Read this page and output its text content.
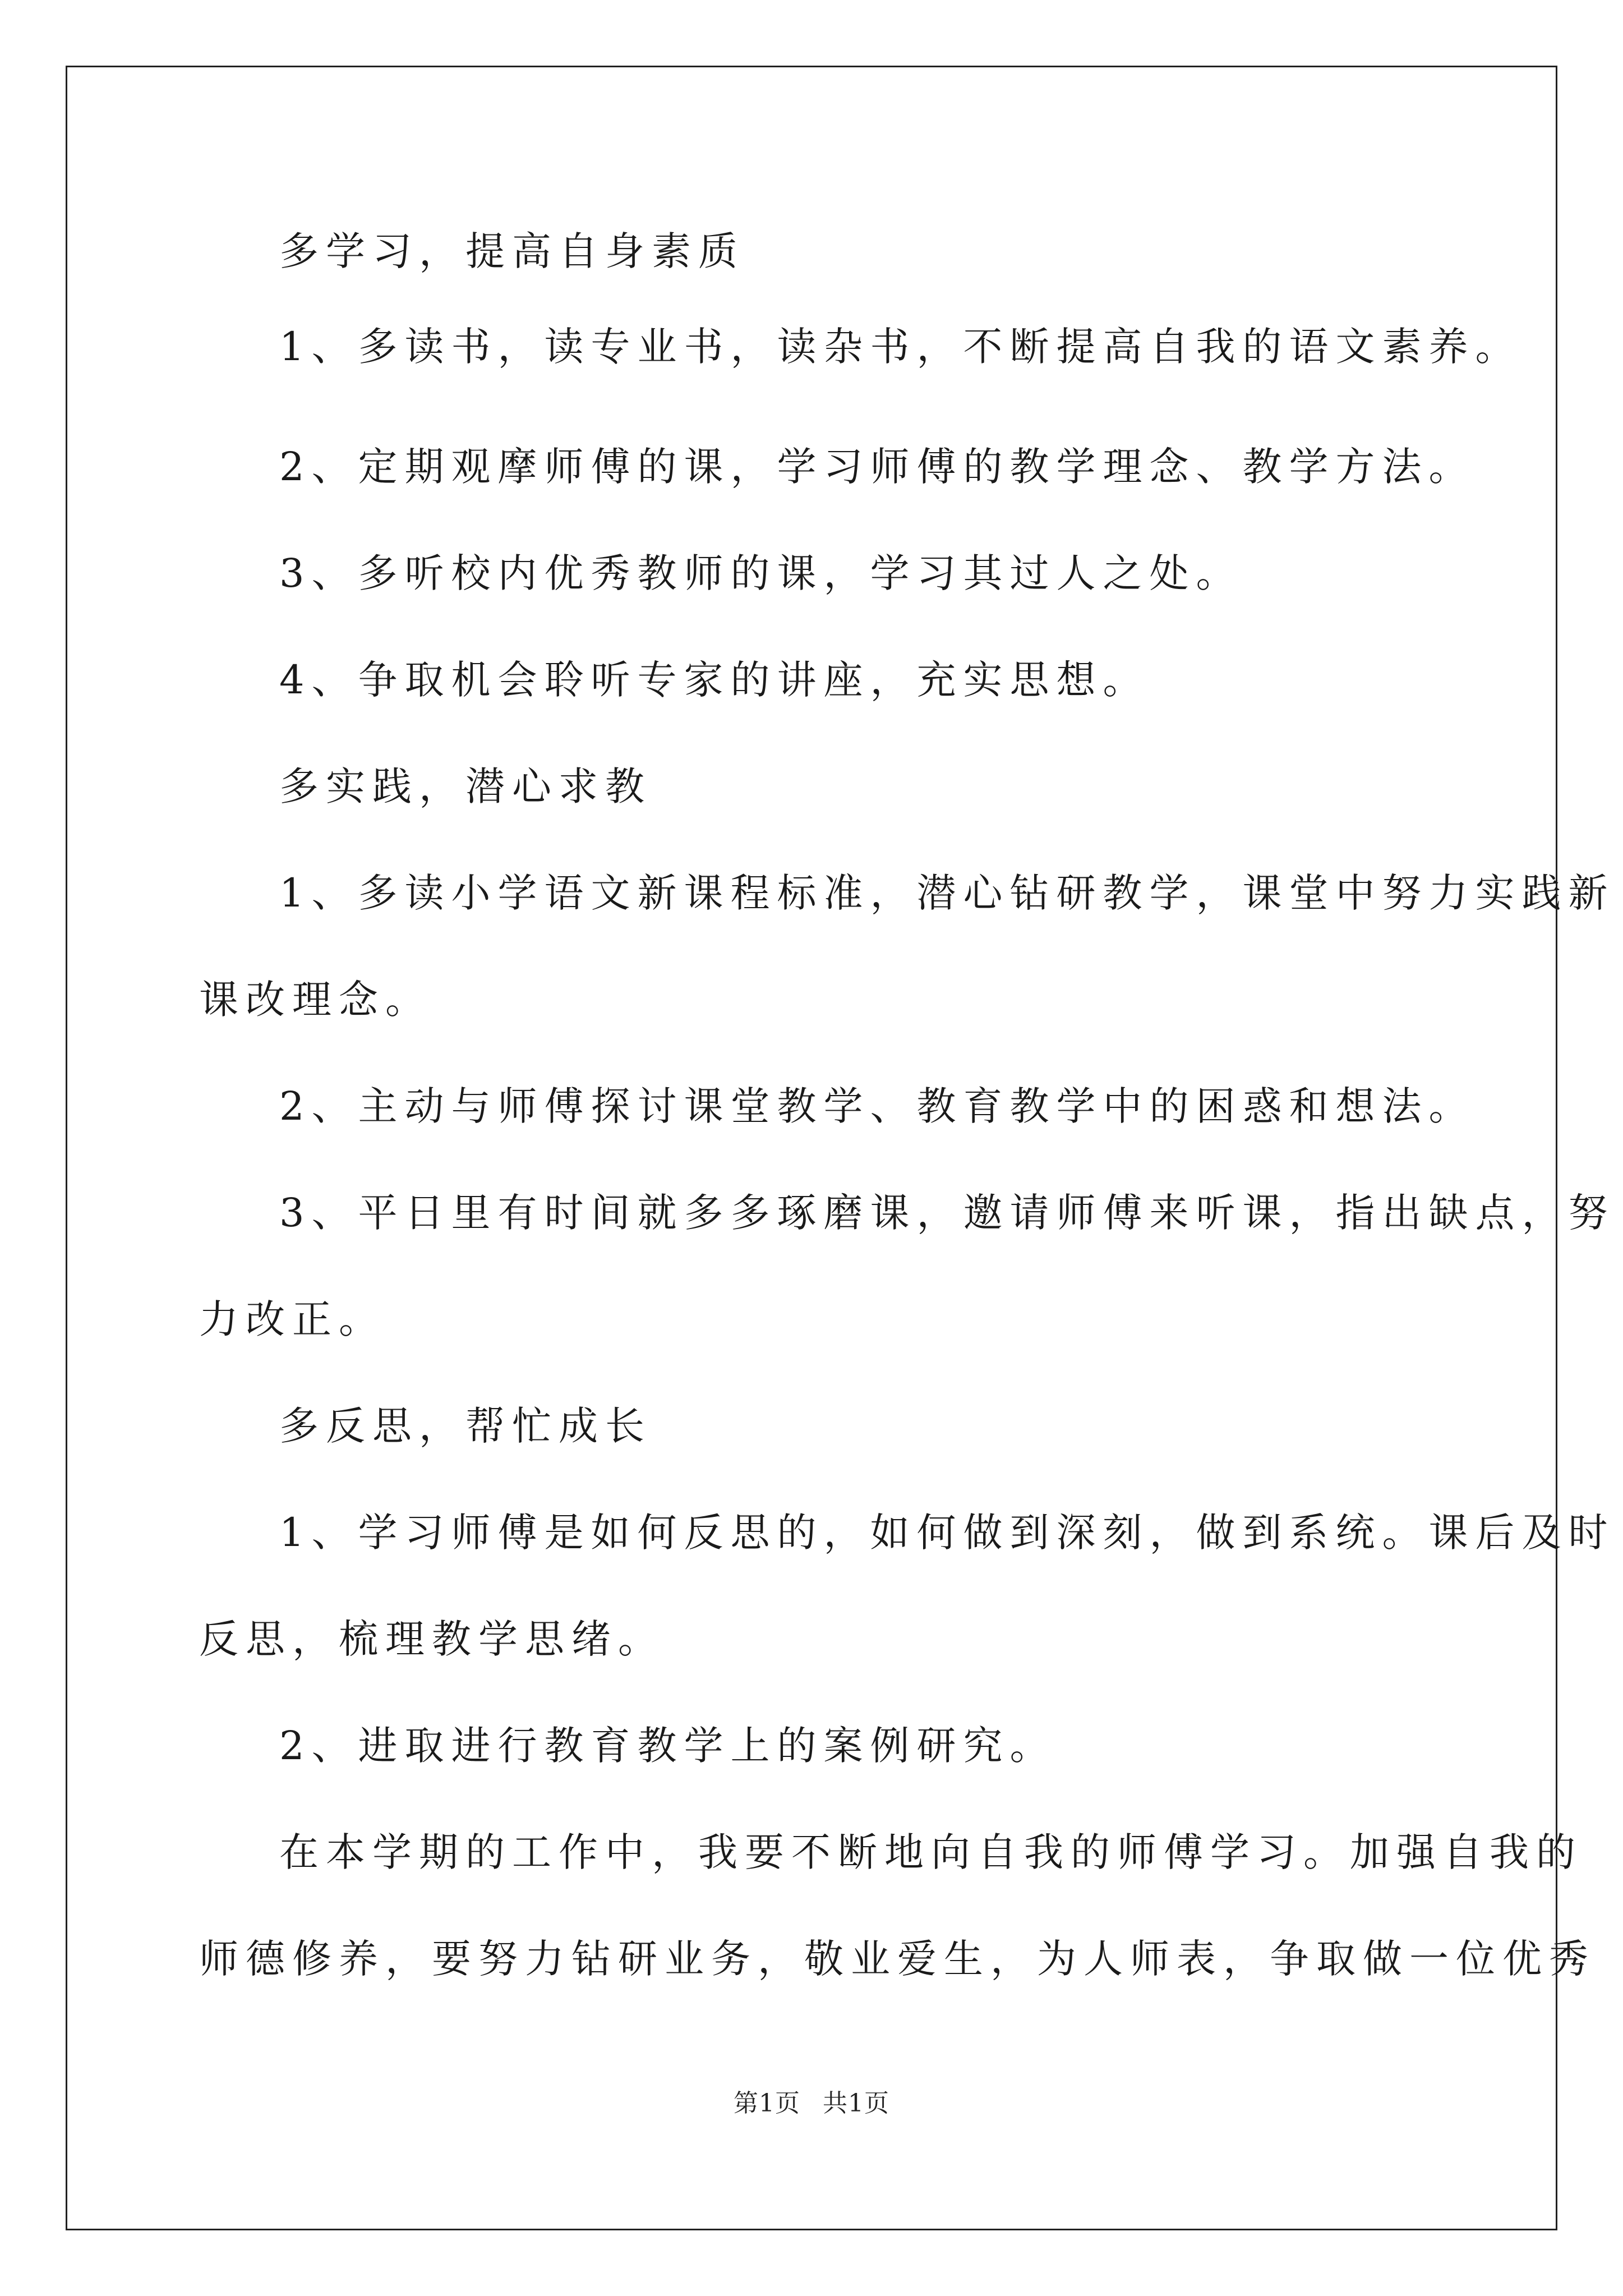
多学习，提高自身素质
1、多读书，读专业书，读杂书，不断提高自我的语文素养。
2、定期观摩师傅的课，学习师傅的教学理念、教学方法。
3、多听校内优秀教师的课，学习其过人之处。
4、争取机会聆听专家的讲座，充实思想。
多实践，潜心求教
1、多读小学语文新课程标准，潜心钻研教学，课堂中努力实践新
课改理念。
2、主动与师傅探讨课堂教学、教育教学中的困惑和想法。
3、平日里有时间就多多琢磨课，邀请师傅来听课，指出缺点，努
力改正。
多反思，帮忙成长
1、学习师傅是如何反思的，如何做到深刻，做到系统。课后及时
反思，梳理教学思绪。
2、进取进行教育教学上的案例研究。
在本学期的工作中，我要不断地向自我的师傅学习。加强自我的
师德修养，要努力钻研业务，敬业爱生，为人师表，争取做一位优秀
第1页 共1页
